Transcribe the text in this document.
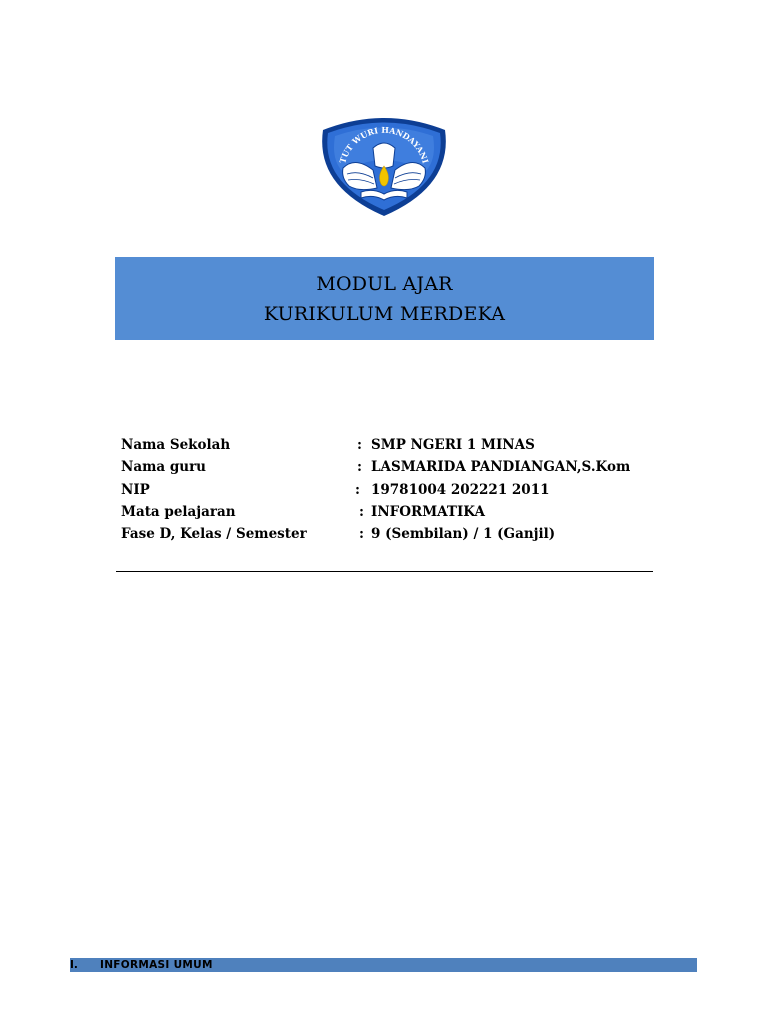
TUT WURI HANDAYANI
MODUL AJAR
KURIKULUM MERDEKA
Nama Sekolah	: SMP NGERI 1 MINAS
Nama guru	: LASMARIDA PANDIANGAN,S.Kom
NIP	: 19781004 202221 2011
Mata pelajaran	: INFORMATIKA
Fase D, Kelas / Semester	: 9 (Sembilan) / 1 (Ganjil)
I. INFORMASI UMUM
